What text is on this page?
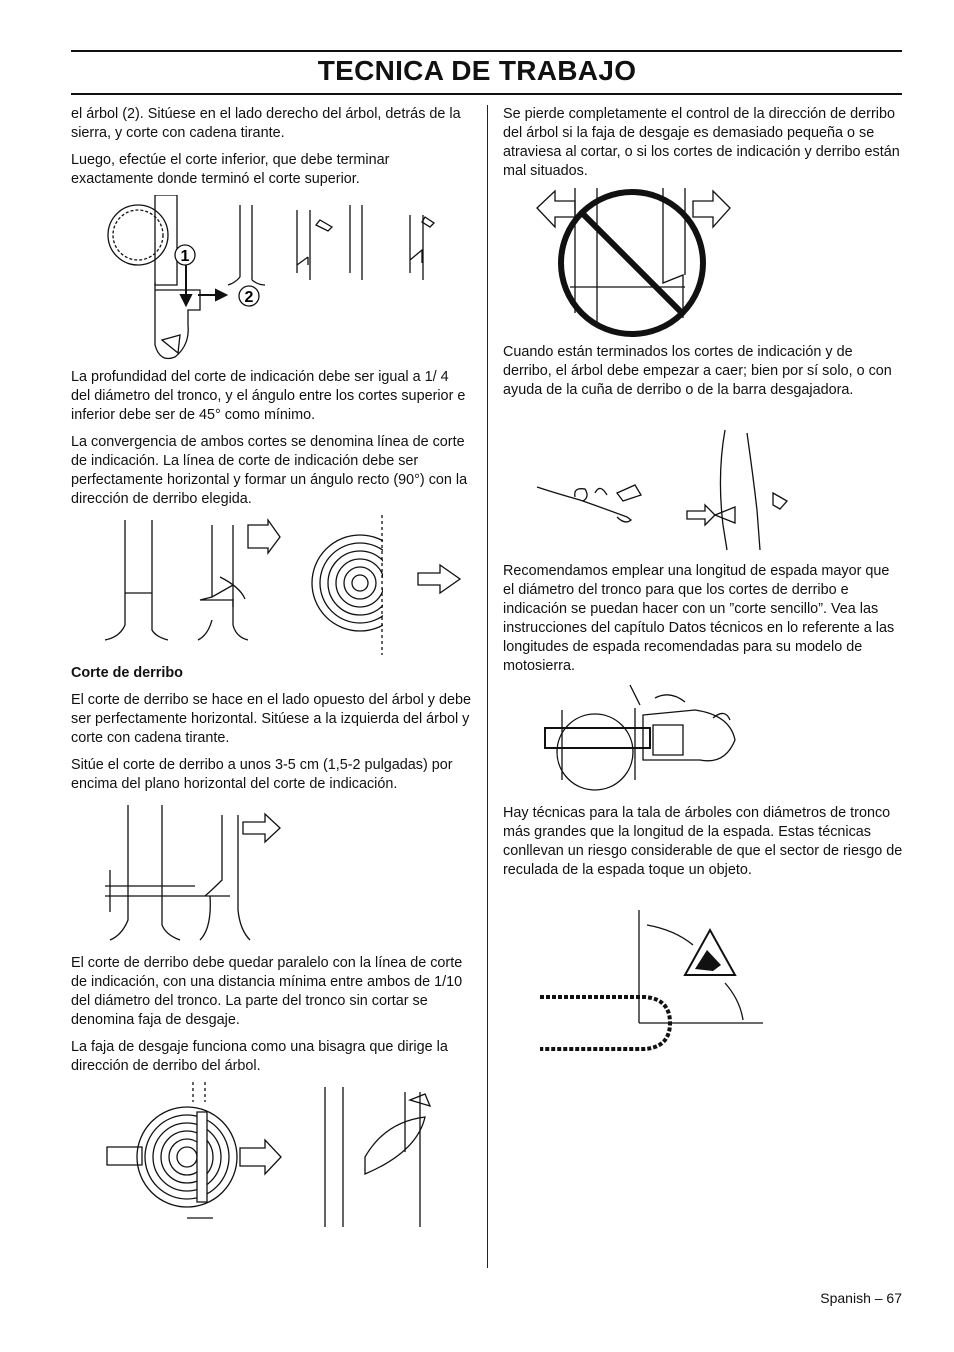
TECNICA DE TRABAJO

el árbol (2). Sitúese en el lado derecho del árbol, detrás de la sierra, y corte con cadena tirante.

Luego, efectúe el corte inferior, que debe terminar exactamente donde terminó el corte superior.

1
2

La profundidad del corte de indicación debe ser igual a 1/ 4 del diámetro del tronco, y el ángulo entre los cortes superior e inferior debe ser de 45° como mínimo.

La convergencia de ambos cortes se denomina línea de corte de indicación. La línea de corte de indicación debe ser perfectamente horizontal y formar un ángulo recto (90°) con la dirección de derribo elegida.

Corte de derribo

El corte de derribo se hace en el lado opuesto del árbol y debe ser perfectamente horizontal. Sitúese a la izquierda del árbol y corte con cadena tirante.

Sitúe el corte de derribo a unos 3-5 cm (1,5-2 pulgadas) por encima del plano horizontal del corte de indicación.

El corte de derribo debe quedar paralelo con la línea de corte de indicación, con una distancia mínima entre ambos de 1/10 del diámetro del tronco. La parte del tronco sin cortar se denomina faja de desgaje.

La faja de desgaje funciona como una bisagra que dirige la dirección de derribo del árbol.

Se pierde completamente el control de la dirección de derribo del árbol si la faja de desgaje es demasiado pequeña o se atraviesa al cortar, o si los cortes de indicación y derribo están mal situados.

Cuando están terminados los cortes de indicación y de derribo, el árbol debe empezar a caer; bien por sí solo, o con ayuda de la cuña de derribo o de la barra desgajadora.

Recomendamos emplear una longitud de espada mayor que el diámetro del tronco para que los cortes de derribo e indicación se puedan hacer con un ”corte sencillo”. Vea las instrucciones del capítulo Datos técnicos en lo referente a las longitudes de espada recomendadas para su modelo de motosierra.

Hay técnicas para la tala de árboles con diámetros de tronco más grandes que la longitud de la espada. Estas técnicas conllevan un riesgo considerable de que el sector de riesgo de reculada de la espada toque un objeto.

Spanish – 67
